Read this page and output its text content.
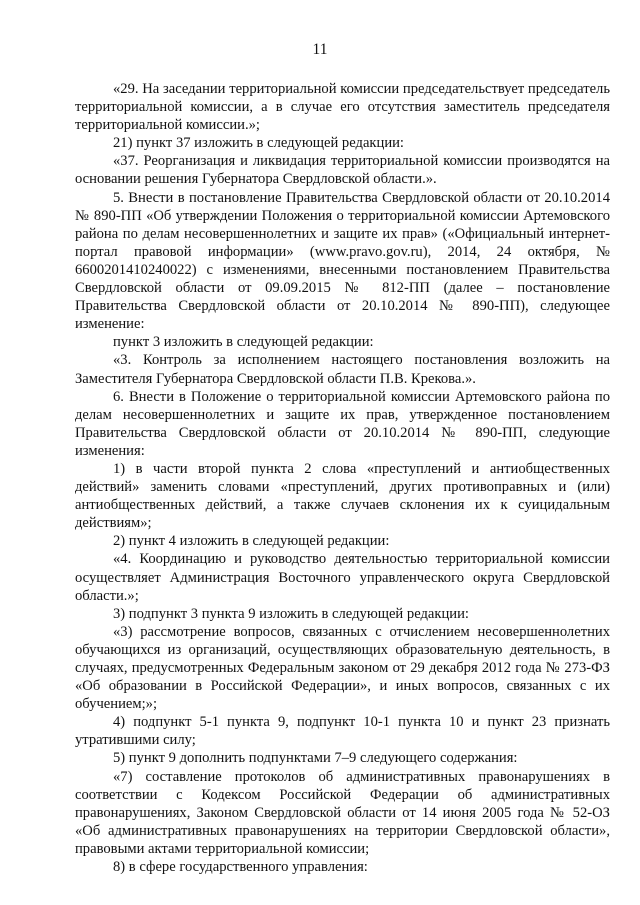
11

«29. На заседании территориальной комиссии председательствует председатель территориальной комиссии, а в случае его отсутствия заместитель председателя территориальной комиссии.»;

21) пункт 37 изложить в следующей редакции:

«37. Реорганизация и ликвидация территориальной комиссии производятся на основании решения Губернатора Свердловской области.».

5. Внести в постановление Правительства Свердловской области от 20.10.2014 № 890-ПП «Об утверждении Положения о территориальной комиссии Артемовского района по делам несовершеннолетних и защите их прав» («Официальный интернет-портал правовой информации» (www.pravo.gov.ru), 2014, 24 октября, № 6600201410240022) с изменениями, внесенными постановлением Правительства Свердловской области от 09.09.2015 № 812-ПП (далее – постановление Правительства Свердловской области от 20.10.2014 № 890-ПП), следующее изменение:

пункт 3 изложить в следующей редакции:

«3. Контроль за исполнением настоящего постановления возложить на Заместителя Губернатора Свердловской области П.В. Крекова.».

6. Внести в Положение о территориальной комиссии Артемовского района по делам несовершеннолетних и защите их прав, утвержденное постановлением Правительства Свердловской области от 20.10.2014 № 890-ПП, следующие изменения:

1) в части второй пункта 2 слова «преступлений и антиобщественных действий» заменить словами «преступлений, других противоправных и (или) антиобщественных действий, а также случаев склонения их к суицидальным действиям»;

2) пункт 4 изложить в следующей редакции:

«4. Координацию и руководство деятельностью территориальной комиссии осуществляет Администрация Восточного управленческого округа Свердловской области.»;

3) подпункт 3 пункта 9 изложить в следующей редакции:

«3) рассмотрение вопросов, связанных с отчислением несовершеннолетних обучающихся из организаций, осуществляющих образовательную деятельность, в случаях, предусмотренных Федеральным законом от 29 декабря 2012 года № 273-ФЗ «Об образовании в Российской Федерации», и иных вопросов, связанных с их обучением;»;

4) подпункт 5-1 пункта 9, подпункт 10-1 пункта 10 и пункт 23 признать утратившими силу;

5) пункт 9 дополнить подпунктами 7–9 следующего содержания:

«7) составление протоколов об административных правонарушениях в соответствии с Кодексом Российской Федерации об административных правонарушениях, Законом Свердловской области от 14 июня 2005 года № 52-ОЗ «Об административных правонарушениях на территории Свердловской области», правовыми актами территориальной комиссии;

8) в сфере государственного управления:
